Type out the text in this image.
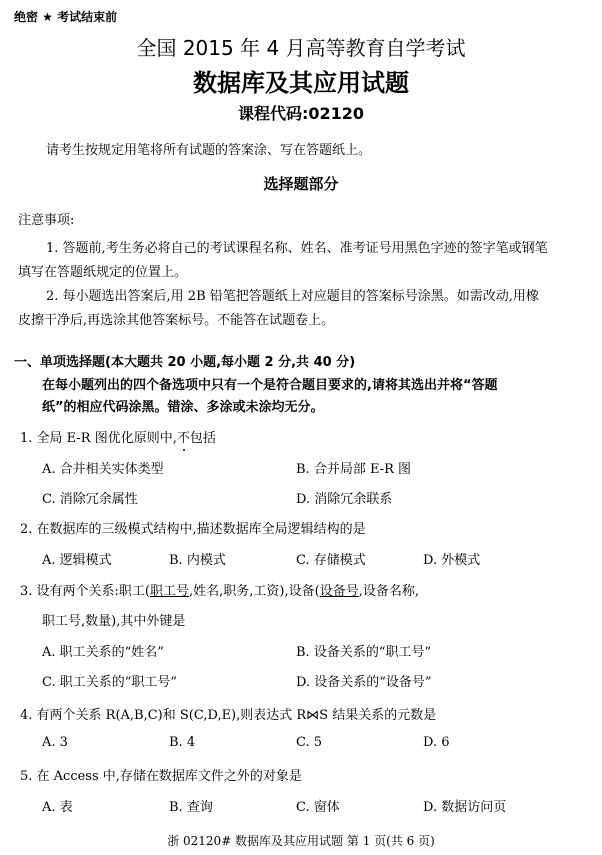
绝密 ★ 考试结束前
全国 2015 年 4 月高等教育自学考试
数据库及其应用试题
课程代码:02120
请考生按规定用笔将所有试题的答案涂、写在答题纸上。
选择题部分
注意事项:
1. 答题前,考生务必将自己的考试课程名称、姓名、准考证号用黑色字迹的签字笔或钢笔
填写在答题纸规定的位置上。
2. 每小题选出答案后,用 2B 铅笔把答题纸上对应题目的答案标号涂黑。如需改动,用橡
皮擦干净后,再选涂其他答案标号。不能答在试题卷上。
一、单项选择题(本大题共 20 小题,每小题 2 分,共 40 分)
在每小题列出的四个备选项中只有一个是符合题目要求的,请将其选出并将“答题
纸”的相应代码涂黑。错涂、多涂或未涂均无分。
1. 全局 E-R 图优化原则中,不包括
A. 合并相关实体类型	B. 合并局部 E-R 图
C. 消除冗余属性	D. 消除冗余联系
2. 在数据库的三级模式结构中,描述数据库全局逻辑结构的是
A. 逻辑模式	B. 内模式	C. 存储模式	D. 外模式
3. 设有两个关系:职工(职工号,姓名,职务,工资),设备(设备号,设备名称,
职工号,数量),其中外键是
A. 职工关系的“姓名”	B. 设备关系的“职工号”
C. 职工关系的“职工号”	D. 设备关系的“设备号”
4. 有两个关系 R(A,B,C)和 S(C,D,E),则表达式 R⋈S 结果关系的元数是
A. 3	B. 4	C. 5	D. 6
5. 在 Access 中,存储在数据库文件之外的对象是
A. 表	B. 查询	C. 窗体	D. 数据访问页
浙 02120# 数据库及其应用试题 第 1 页(共 6 页)
